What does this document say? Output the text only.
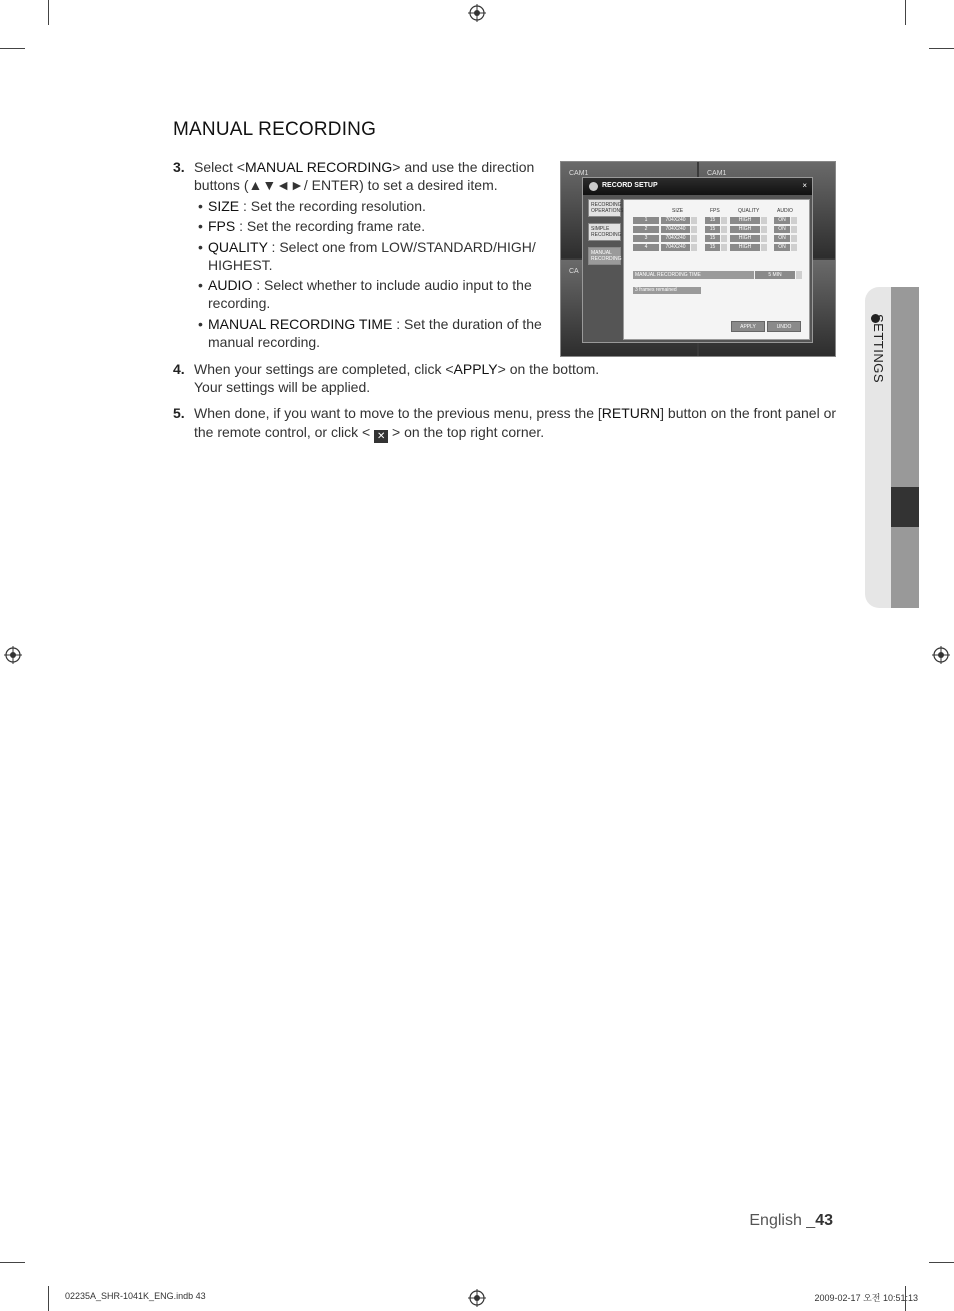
MANUAL RECORDING
3. Select <MANUAL RECORDING> and use the direction
buttons (▲▼◄►/ ENTER) to set a desired item.
• SIZE : Set the recording resolution.
• FPS : Set the recording frame rate.
• QUALITY : Select one from LOW/STANDARD/HIGH/
HIGHEST.
• AUDIO : Select whether to include audio input to the
recording.
• MANUAL RECORDING TIME : Set the duration of the
manual recording.
4. When your settings are completed, click <APPLY> on the bottom.
Your settings will be applied.
5. When done, if you want to move to the previous menu, press the [RETURN] button on the front panel or
the remote control, or click < ✕ > on the top right corner.
CAM1	CAM1
CA
RECORD SETUP	×
RECORDING
OPERATIONS
SIMPLE
RECORDING
MANUAL
RECORDING
SIZE	FPS	QUALITY	AUDIO
1	704X240	15	HIGH	ON
2	704X240	15	HIGH	ON
3	704X240	15	HIGH	ON
4	704X240	15	HIGH	ON
MANUAL RECORDING TIME	5 MIN
3 frames remained
APPLY	UNDO	SETTINGS
English _43
02235A_SHR-1041K_ENG.indb 43	2009-02-17 오전 10:51:13
